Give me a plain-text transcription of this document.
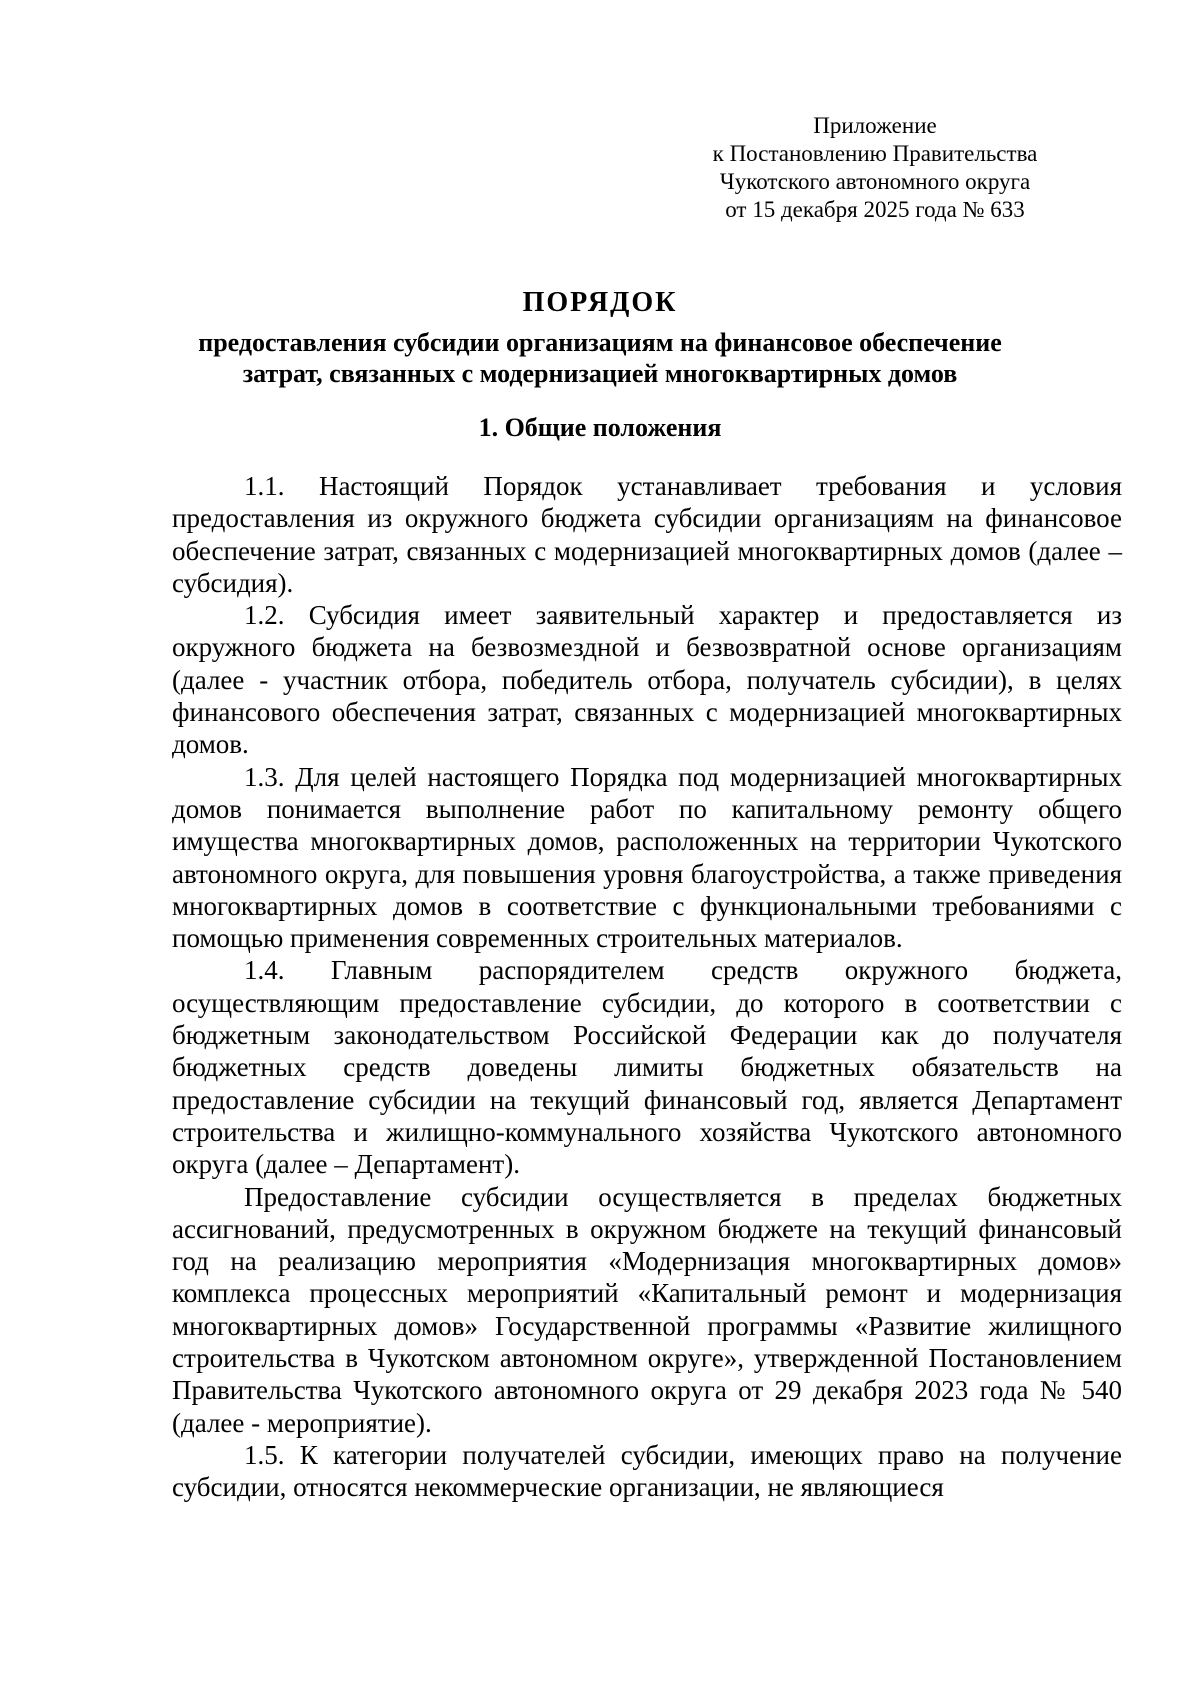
Приложение
к Постановлению Правительства
Чукотского автономного округа
от 15 декабря 2025 года № 633
ПОРЯДОК
предоставления субсидии организациям на финансовое обеспечение
затрат, связанных с модернизацией многоквартирных домов
1. Общие положения

1.1. Настоящий Порядок устанавливает требования и условия предоставления из окружного бюджета субсидии организациям на финансовое обеспечение затрат, связанных с модернизацией многоквартирных домов (далее – субсидия).

1.2. Субсидия имеет заявительный характер и предоставляется из окружного бюджета на безвозмездной и безвозвратной основе организациям (далее - участник отбора, победитель отбора, получатель субсидии), в целях финансового обеспечения затрат, связанных с модернизацией многоквартирных домов.

1.3. Для целей настоящего Порядка под модернизацией многоквартирных домов понимается выполнение работ по капитальному ремонту общего имущества многоквартирных домов, расположенных на территории Чукотского автономного округа, для повышения уровня благоустройства, а также приведения многоквартирных домов в соответствие с функциональными требованиями с помощью применения современных строительных материалов.

1.4. Главным распорядителем средств окружного бюджета, осуществляющим предоставление субсидии, до которого в соответствии с бюджетным законодательством Российской Федерации как до получателя бюджетных средств доведены лимиты бюджетных обязательств на предоставление субсидии на текущий финансовый год, является Департамент строительства и жилищно-коммунального хозяйства Чукотского автономного округа (далее – Департамент).

Предоставление субсидии осуществляется в пределах бюджетных ассигнований, предусмотренных в окружном бюджете на текущий финансовый год на реализацию мероприятия «Модернизация многоквартирных домов» комплекса процессных мероприятий «Капитальный ремонт и модернизация многоквартирных домов» Государственной программы «Развитие жилищного строительства в Чукотском автономном округе», утвержденной Постановлением Правительства Чукотского автономного округа от 29 декабря 2023 года № 540 (далее - мероприятие).

1.5. К категории получателей субсидии, имеющих право на получение субсидии, относятся некоммерческие организации, не являющиеся
